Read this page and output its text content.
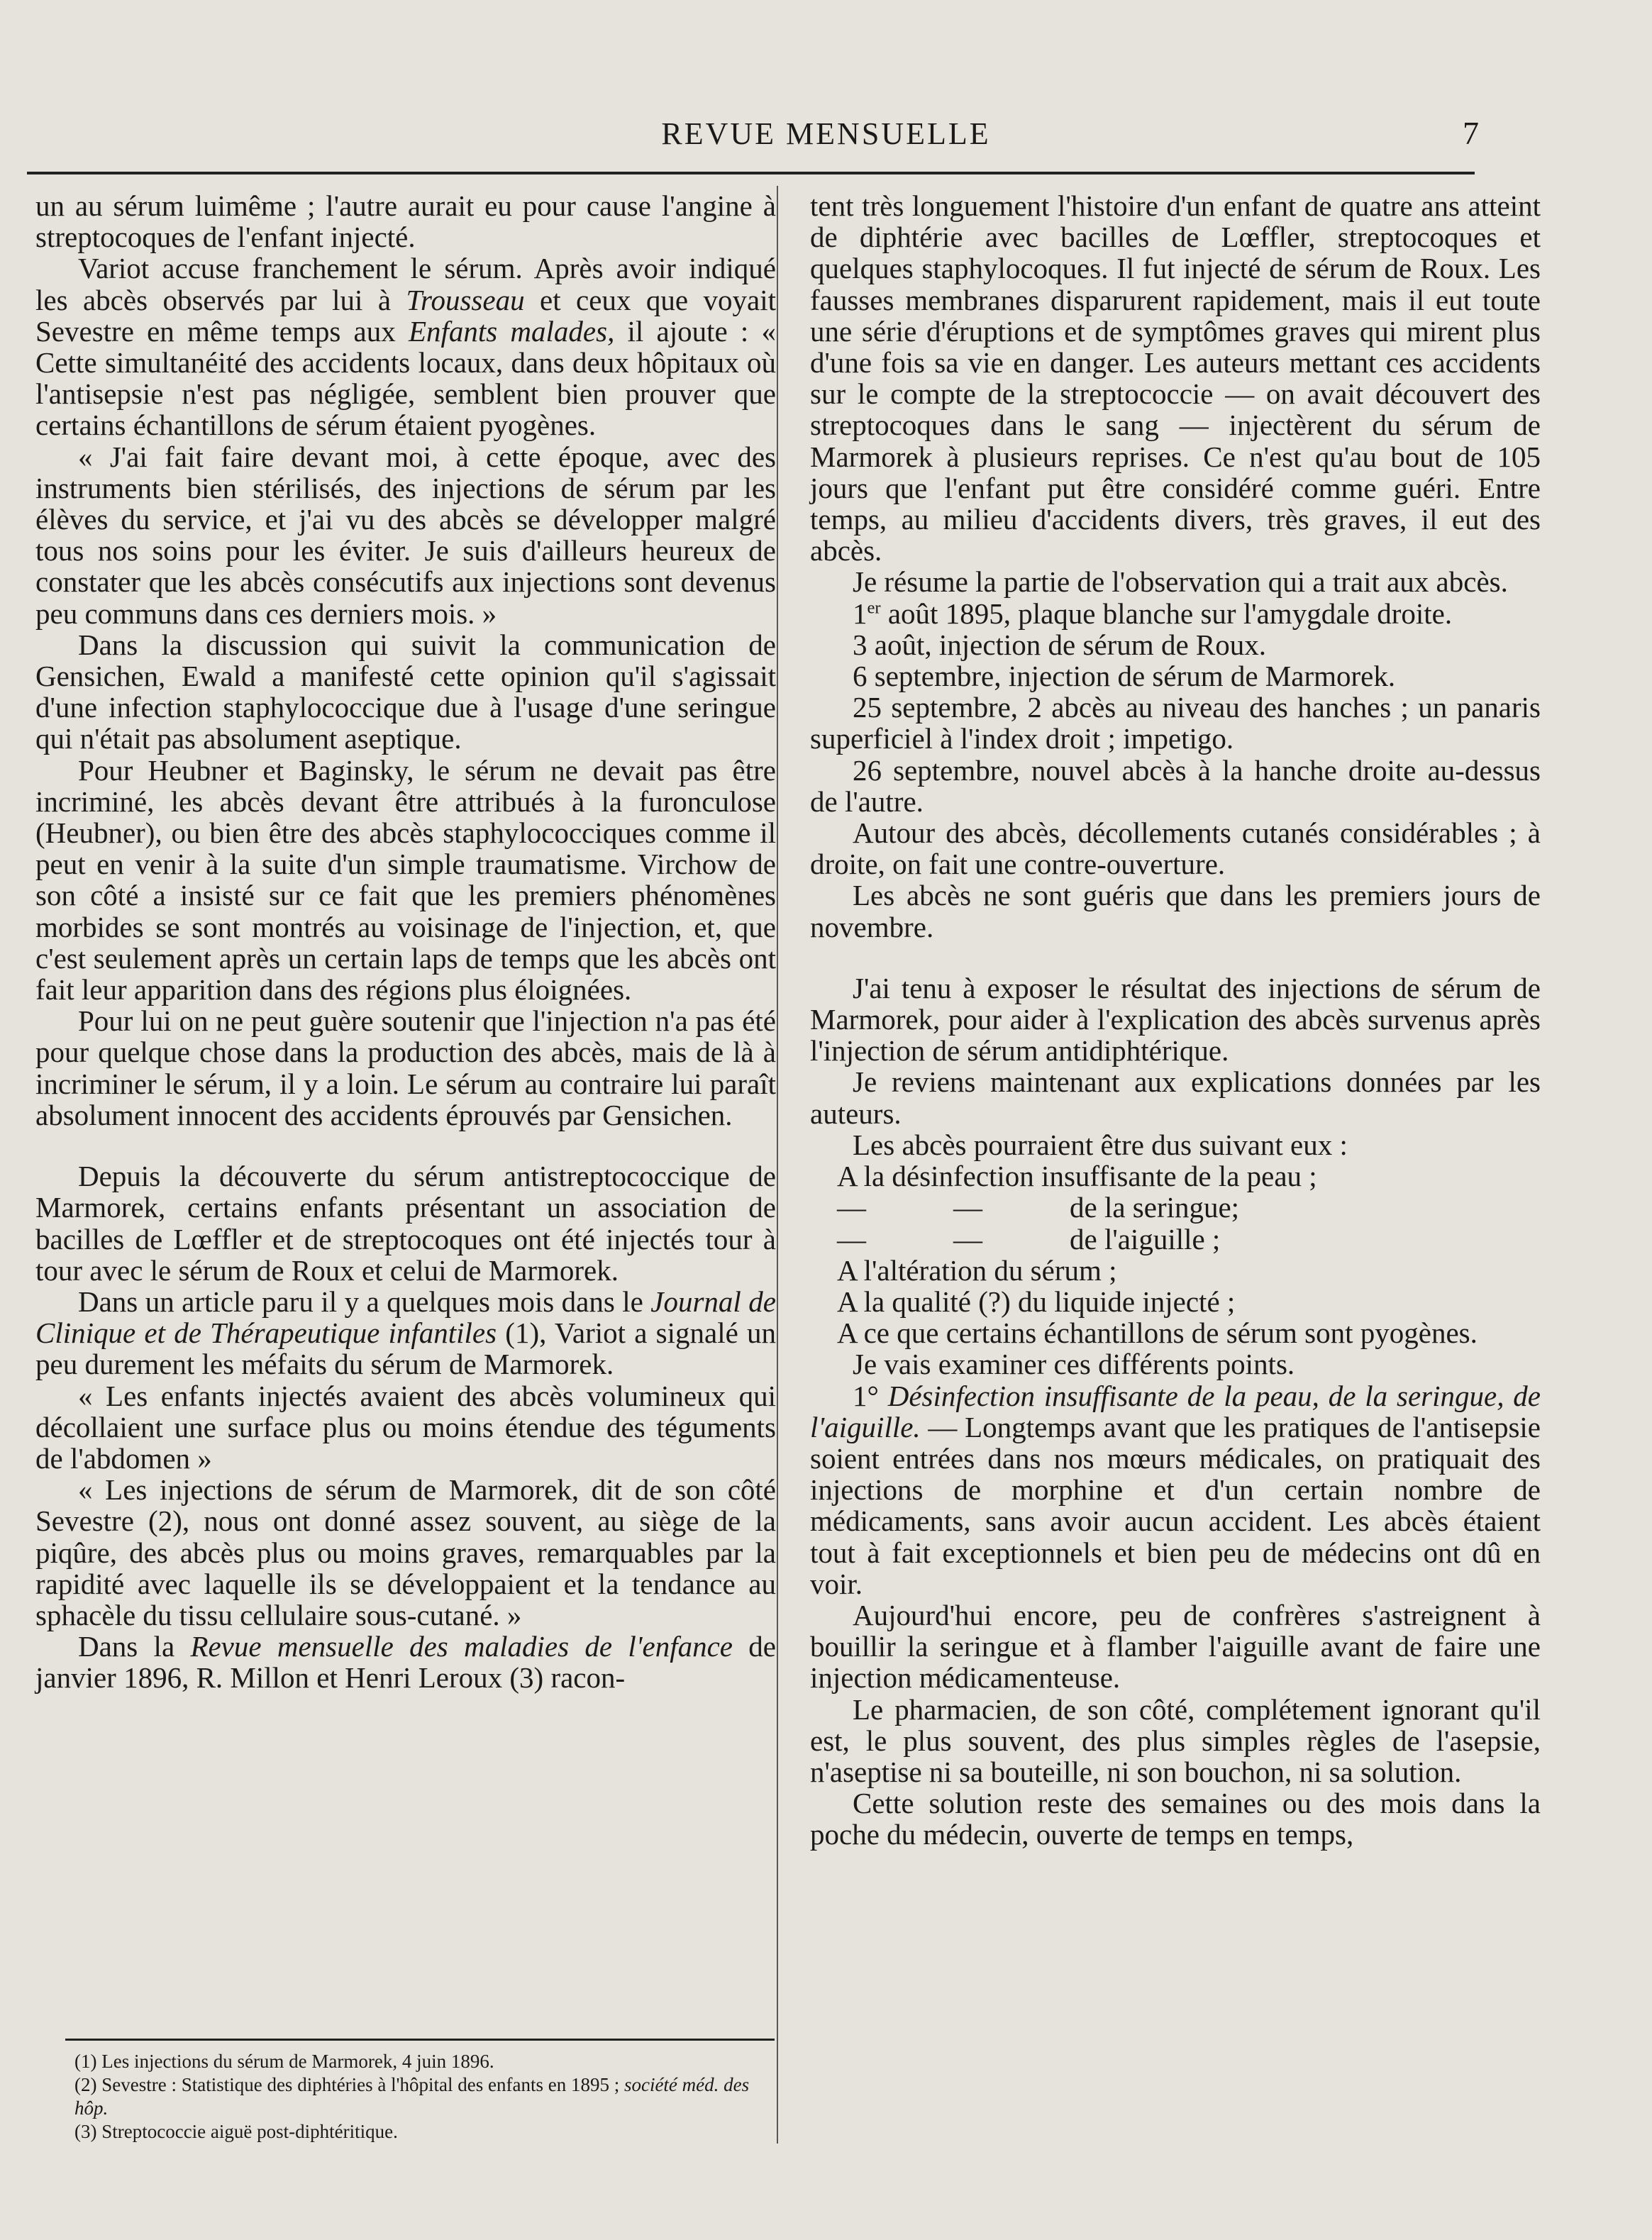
REVUE MENSUELLE	7

un au sérum luimême ; l'autre aurait eu pour cause l'angine à streptocoques de l'enfant injecté.

Variot accuse franchement le sérum. Après avoir indiqué les abcès observés par lui à Trousseau et ceux que voyait Sevestre en même temps aux Enfants malades, il ajoute : « Cette simultanéité des accidents locaux, dans deux hôpitaux où l'antisepsie n'est pas négligée, semblent bien prouver que certains échantillons de sérum étaient pyogènes.

« J'ai fait faire devant moi, à cette époque, avec des instruments bien stérilisés, des injections de sérum par les élèves du service, et j'ai vu des abcès se développer malgré tous nos soins pour les éviter. Je suis d'ailleurs heureux de constater que les abcès consécutifs aux injections sont devenus peu communs dans ces derniers mois. »

Dans la discussion qui suivit la communication de Gensichen, Ewald a manifesté cette opinion qu'il s'agissait d'une infection staphylococcique due à l'usage d'une seringue qui n'était pas absolument aseptique.

Pour Heubner et Baginsky, le sérum ne devait pas être incriminé, les abcès devant être attribués à la furonculose (Heubner), ou bien être des abcès staphylococciques comme il peut en venir à la suite d'un simple traumatisme. Virchow de son côté a insisté sur ce fait que les premiers phénomènes morbides se sont montrés au voisinage de l'injection, et, que c'est seulement après un certain laps de temps que les abcès ont fait leur apparition dans des régions plus éloignées.

Pour lui on ne peut guère soutenir que l'injection n'a pas été pour quelque chose dans la production des abcès, mais de là à incriminer le sérum, il y a loin. Le sérum au contraire lui paraît absolument innocent des accidents éprouvés par Gensichen.

Depuis la découverte du sérum antistreptococcique de Marmorek, certains enfants présentant un association de bacilles de Lœffler et de streptocoques ont été injectés tour à tour avec le sérum de Roux et celui de Marmorek.

Dans un article paru il y a quelques mois dans le Journal de Clinique et de Thérapeutique infantiles (1), Variot a signalé un peu durement les méfaits du sérum de Marmorek.

« Les enfants injectés avaient des abcès volumineux qui décollaient une surface plus ou moins étendue des téguments de l'abdomen »

« Les injections de sérum de Marmorek, dit de son côté Sevestre (2), nous ont donné assez souvent, au siège de la piqûre, des abcès plus ou moins graves, remarquables par la rapidité avec laquelle ils se développaient et la tendance au sphacèle du tissu cellulaire sous-cutané. »

Dans la Revue mensuelle des maladies de l'enfance de janvier 1896, R. Millon et Henri Leroux (3) racon-

(1) Les injections du sérum de Marmorek, 4 juin 1896.

(2) Sevestre : Statistique des diphtéries à l'hôpital des enfants en 1895 ; société méd. des hôp.

(3) Streptococcie aiguë post-diphtéritique.

tent très longuement l'histoire d'un enfant de quatre ans atteint de diphtérie avec bacilles de Lœffler, streptocoques et quelques staphylocoques. Il fut injecté de sérum de Roux. Les fausses membranes disparurent rapidement, mais il eut toute une série d'éruptions et de symptômes graves qui mirent plus d'une fois sa vie en danger. Les auteurs mettant ces accidents sur le compte de la streptococcie — on avait découvert des streptocoques dans le sang — injectèrent du sérum de Marmorek à plusieurs reprises. Ce n'est qu'au bout de 105 jours que l'enfant put être considéré comme guéri. Entre temps, au milieu d'accidents divers, très graves, il eut des abcès.

Je résume la partie de l'observation qui a trait aux abcès.

1er août 1895, plaque blanche sur l'amygdale droite.

3 août, injection de sérum de Roux.

6 septembre, injection de sérum de Marmorek.

25 septembre, 2 abcès au niveau des hanches ; un panaris superficiel à l'index droit ; impetigo.

26 septembre, nouvel abcès à la hanche droite au-dessus de l'autre.

Autour des abcès, décollements cutanés considérables ; à droite, on fait une contre-ouverture.

Les abcès ne sont guéris que dans les premiers jours de novembre.

J'ai tenu à exposer le résultat des injections de sérum de Marmorek, pour aider à l'explication des abcès survenus après l'injection de sérum antidiphtérique.

Je reviens maintenant aux explications données par les auteurs.

Les abcès pourraient être dus suivant eux :

A la désinfection insuffisante de la peau ;

—            —            de la seringue;

—            —            de l'aiguille ;

A l'altération du sérum ;

A la qualité (?) du liquide injecté ;

A ce que certains échantillons de sérum sont pyogènes.

Je vais examiner ces différents points.

1° Désinfection insuffisante de la peau, de la seringue, de l'aiguille. — Longtemps avant que les pratiques de l'antisepsie soient entrées dans nos mœurs médicales, on pratiquait des injections de morphine et d'un certain nombre de médicaments, sans avoir aucun accident. Les abcès étaient tout à fait exceptionnels et bien peu de médecins ont dû en voir.

Aujourd'hui encore, peu de confrères s'astreignent à bouillir la seringue et à flamber l'aiguille avant de faire une injection médicamenteuse.

Le pharmacien, de son côté, complétement ignorant qu'il est, le plus souvent, des plus simples règles de l'asepsie, n'aseptise ni sa bouteille, ni son bouchon, ni sa solution.

Cette solution reste des semaines ou des mois dans la poche du médecin, ouverte de temps en temps,
